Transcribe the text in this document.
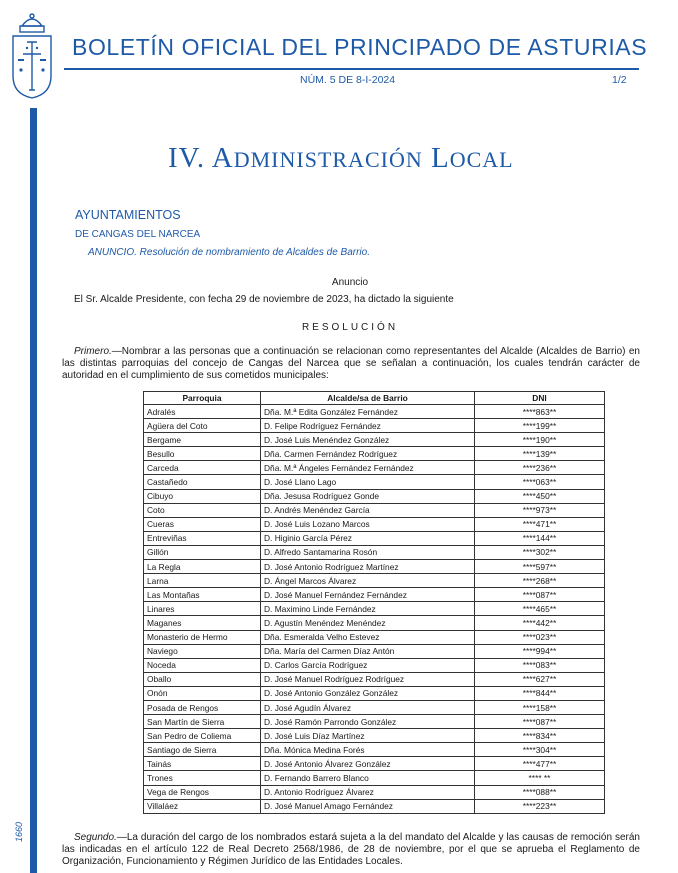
1660
BOLETÍN OFICIAL DEL PRINCIPADO DE ASTURIAS
NÚM. 5 DE 8-I-2024	1/2
IV. ADMINISTRACIÓN LOCAL
AYUNTAMIENTOS
DE CANGAS DEL NARCEA
ANUNCIO. Resolución de nombramiento de Alcaldes de Barrio.
Anuncio
El Sr. Alcalde Presidente, con fecha 29 de noviembre de 2023, ha dictado la siguiente
RESOLUCIÓN
Primero.—Nombrar a las personas que a continuación se relacionan como representantes del Alcalde (Alcaldes de Barrio) en las distintas parroquias del concejo de Cangas del Narcea que se señalan a continuación, los cuales tendrán carácter de autoridad en el cumplimiento de sus cometidos municipales:
Parroquia	Alcalde/sa de Barrio	DNI
Adralés	Dña. M.ª Edita González Fernández	****863**
Agüera del Coto	D. Felipe Rodríguez Fernández	****199**
Bergame	D. José Luis Menéndez González	****190**
Besullo	Dña. Carmen Fernández Rodríguez	****139**
Carceda	Dña. M.ª Ángeles Fernández Fernández	****236**
Castañedo	D. José Llano Lago	****063**
Cibuyo	Dña. Jesusa Rodríguez Gonde	****450**
Coto	D. Andrés Menéndez García	****973**
Cueras	D. José Luis Lozano Marcos	****471**
Entreviñas	D. Higinio García Pérez	****144**
Gillón	D. Alfredo Santamarina Rosón	****302**
La Regla	D. José Antonio Rodríguez Martínez	****597**
Larna	D. Ángel Marcos Álvarez	****268**
Las Montañas	D. José Manuel Fernández Fernández	****087**
Linares	D. Maximino Linde Fernández	****465**
Maganes	D. Agustín Menéndez Menéndez	****442**
Monasterio de Hermo	Dña. Esmeralda Velho Estevez	****023**
Naviego	Dña. María del Carmen Díaz Antón	****994**
Noceda	D. Carlos García Rodríguez	****083**
Oballo	D. José Manuel Rodríguez Rodríguez	****627**
Onón	D. José Antonio González González	****844**
Posada de Rengos	D. José Agudín Álvarez	****158**
San Martín de Sierra	D. José Ramón Parrondo González	****087**
San Pedro de Coliema	D. José Luis Díaz Martínez	****834**
Santiago de Sierra	Dña. Mónica Medina Forés	****304**
Tainás	D. José Antonio Álvarez González	****477**
Trones	D. Fernando Barrero Blanco	**** **
Vega de Rengos	D. Antonio Rodríguez Álvarez	****088**
Villaláez	D. José Manuel Amago Fernández	****223**
Segundo.—La duración del cargo de los nombrados estará sujeta a la del mandato del Alcalde y las causas de remoción serán las indicadas en el artículo 122 de Real Decreto 2568/1986, de 28 de noviembre, por el que se aprueba el Reglamento de Organización, Funcionamiento y Régimen Jurídico de las Entidades Locales.
